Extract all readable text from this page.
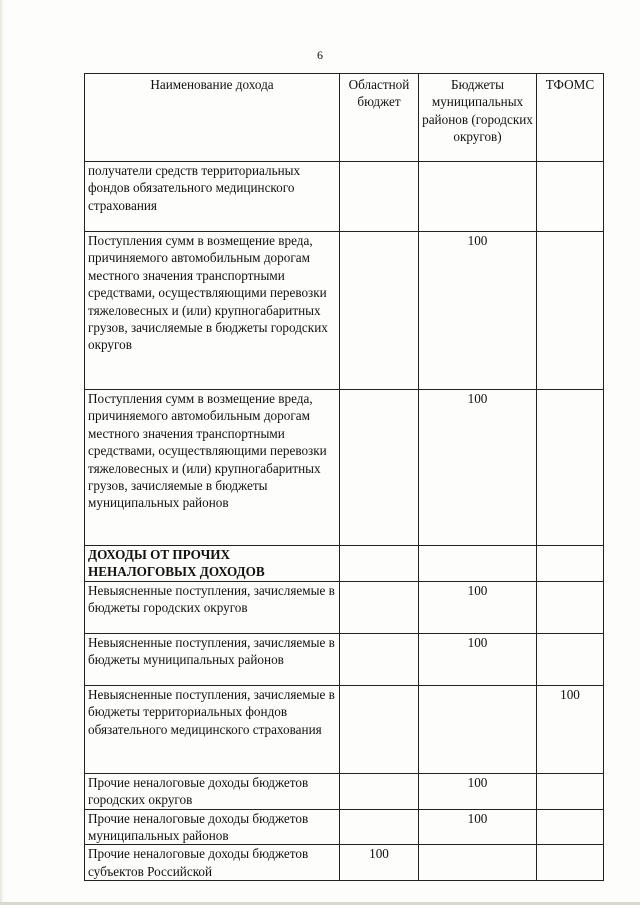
6
Наименование дохода	Областной бюджет	Бюджеты муниципальных районов (городских округов)	ТФОМС
получатели средств территориальных фондов обязательного медицинского страхования			
Поступления сумм в возмещение вреда, причиняемого автомобильным дорогам местного значения транспортными средствами, осуществляющими перевозки тяжеловесных и (или) крупногабаритных грузов, зачисляемые в бюджеты городских округов		100	
Поступления сумм в возмещение вреда, причиняемого автомобильным дорогам местного значения транспортными средствами, осуществляющими перевозки тяжеловесных и (или) крупногабаритных грузов, зачисляемые в бюджеты муниципальных районов		100	
ДОХОДЫ ОТ ПРОЧИХ НЕНАЛОГОВЫХ ДОХОДОВ			
Невыясненные поступления, зачисляемые в бюджеты городских округов		100	
Невыясненные поступления, зачисляемые в бюджеты муниципальных районов		100	
Невыясненные поступления, зачисляемые в бюджеты территориальных фондов обязательного медицинского страхования			100
Прочие неналоговые доходы бюджетов городских округов		100	
Прочие неналоговые доходы бюджетов муниципальных районов		100	
Прочие неналоговые доходы бюджетов субъектов Российской	100		
